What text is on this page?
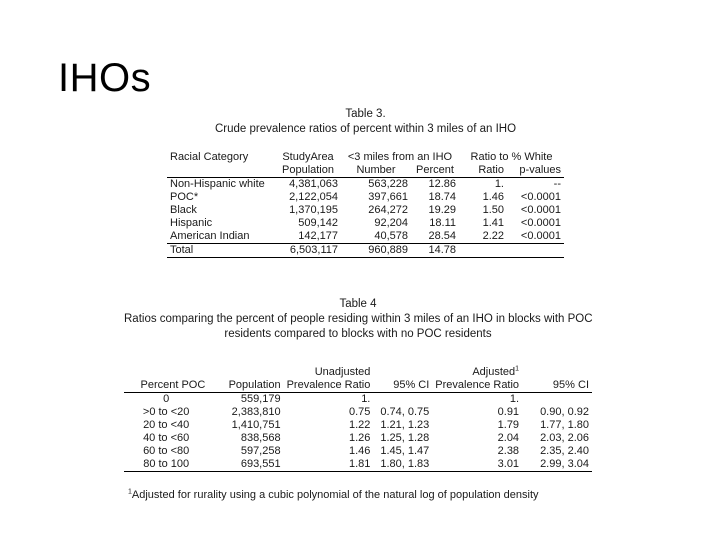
IHOs
Table 3.
Crude prevalence ratios of percent within 3 miles of an IHO
Racial Category	StudyArea	<3 miles from an IHO		Ratio to % White	
	Population	Number	Percent	Ratio	p-values
Non-Hispanic white	4,381,063	563,228	12.86	1.	--
POC*	2,122,054	397,661	18.74	1.46	<0.0001
Black	1,370,195	264,272	19.29	1.50	<0.0001
Hispanic	509,142	92,204	18.11	1.41	<0.0001
American Indian	142,177	40,578	28.54	2.22	<0.0001
Total	6,503,117	960,889	14.78		
Table 4
Ratios comparing the percent of people residing within 3 miles of an IHO in blocks with POC
residents compared to blocks with no POC residents
		Unadjusted		Adjusted$^1$	
Percent POC	Population	Prevalence Ratio	95% CI	Prevalence Ratio	95% CI
0	559,179	1.		1.	
>0 to <20	2,383,810	0.75	0.74, 0.75	0.91	0.90, 0.92
20 to <40	1,410,751	1.22	1.21, 1.23	1.79	1.77, 1.80
40 to <60	838,568	1.26	1.25, 1.28	2.04	2.03, 2.06
60 to <80	597,258	1.46	1.45, 1.47	2.38	2.35, 2.40
80 to 100	693,551	1.81	1.80, 1.83	3.01	2.99, 3.04
$^1$Adjusted for rurality using a cubic polynomial of the natural log of population density
